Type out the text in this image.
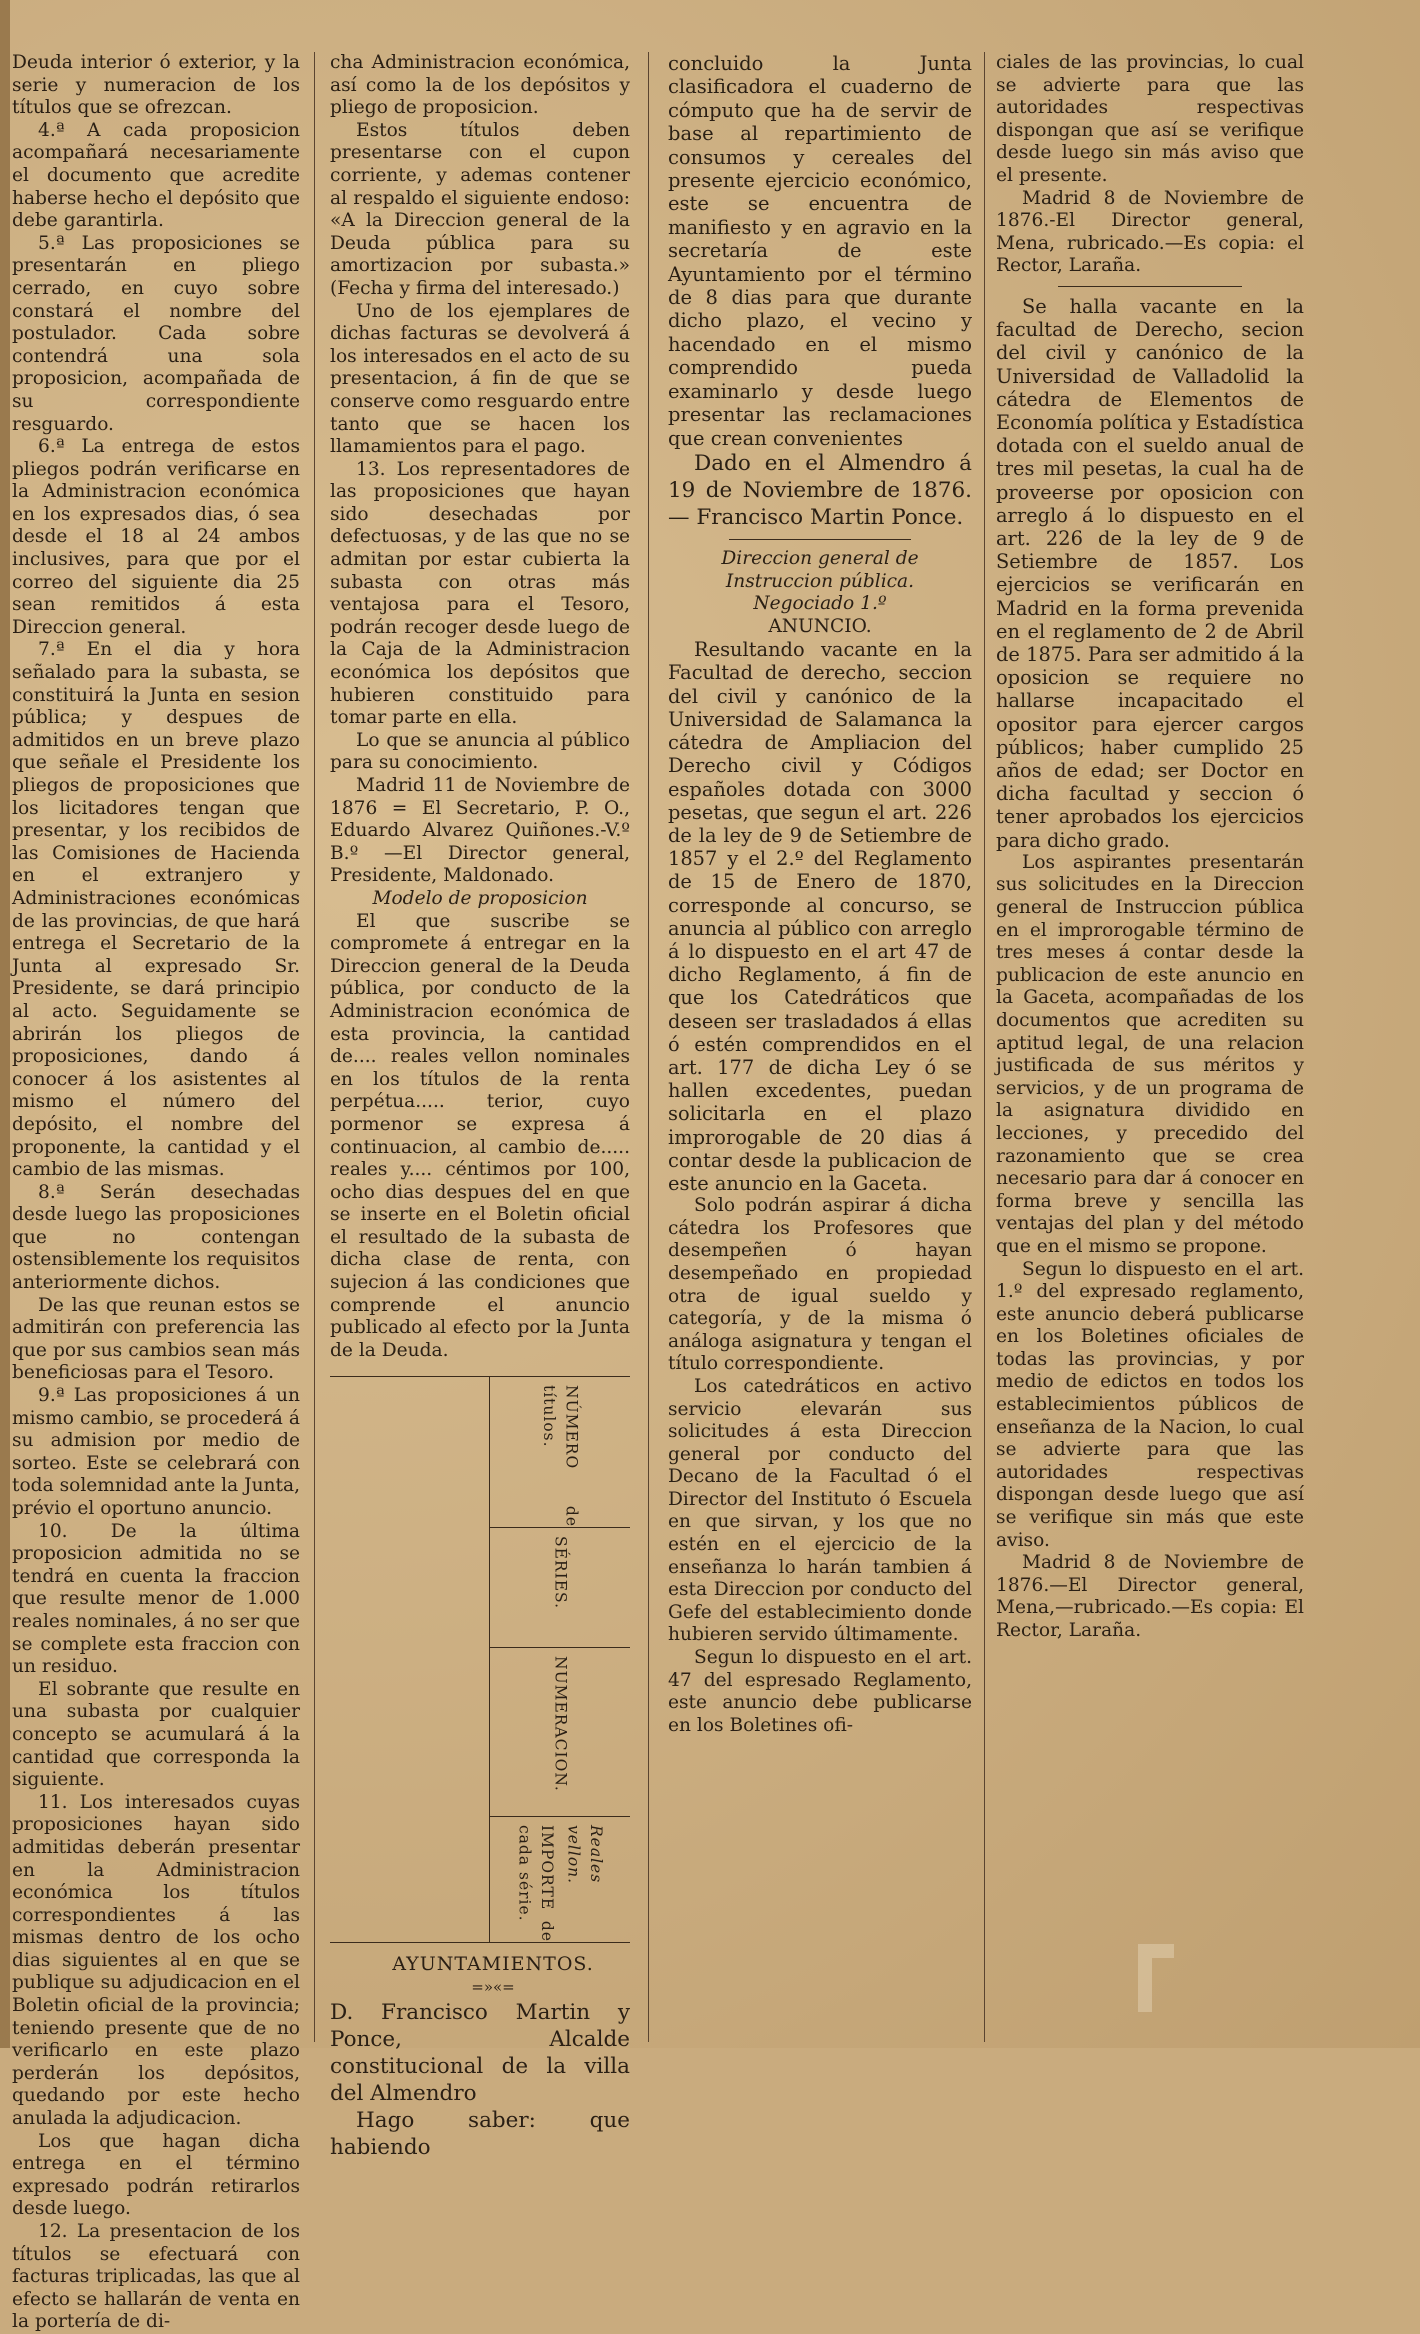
Deuda interior ó exterior, y la serie y numeracion de los títulos que se ofrezcan.

4.ª A cada proposicion acompañará necesariamente el documento que acredite haberse hecho el depósito que debe garantirla.

5.ª Las proposiciones se presentarán en pliego cerrado, en cuyo sobre constará el nombre del postulador. Cada sobre contendrá una sola proposicion, acompañada de su correspondiente resguardo.

6.ª La entrega de estos pliegos podrán verificarse en la Administracion económica en los expresados dias, ó sea desde el 18 al 24 ambos inclusives, para que por el correo del siguiente dia 25 sean remitidos á esta Direccion general.

7.ª En el dia y hora señalado para la subasta, se constituirá la Junta en sesion pública; y despues de admitidos en un breve plazo que señale el Presidente los pliegos de proposiciones que los licitadores tengan que presentar, y los recibidos de las Comisiones de Hacienda en el extranjero y Administraciones económicas de las provincias, de que hará entrega el Secretario de la Junta al expresado Sr. Presidente, se dará principio al acto. Seguidamente se abrirán los pliegos de proposiciones, dando á conocer á los asistentes al mismo el número del depósito, el nombre del proponente, la cantidad y el cambio de las mismas.

8.ª Serán desechadas desde luego las proposiciones que no contengan ostensiblemente los requisitos anteriormente dichos.

De las que reunan estos se admitirán con preferencia las que por sus cambios sean más beneficiosas para el Tesoro.

9.ª Las proposiciones á un mismo cambio, se procederá á su admision por medio de sorteo. Este se celebrará con toda solemnidad ante la Junta, prévio el oportuno anuncio.

10. De la última proposicion admitida no se tendrá en cuenta la fraccion que resulte menor de 1.000 reales nominales, á no ser que se complete esta fraccion con un residuo.

El sobrante que resulte en una subasta por cualquier concepto se acumulará á la cantidad que corresponda la siguiente.

11. Los interesados cuyas proposiciones hayan sido admitidas deberán presentar en la Administracion económica los títulos correspondientes á las mismas dentro de los ocho dias siguientes al en que se publique su adjudicacion en el Boletin oficial de la provincia; teniendo presente que de no verificarlo en este plazo perderán los depósitos, quedando por este hecho anulada la adjudicacion.

Los que hagan dicha entrega en el término expresado podrán retirarlos desde luego.

12. La presentacion de los títulos se efectuará con facturas triplicadas, las que al efecto se hallarán de venta en la portería de di-

cha Administracion económica, así como la de los depósitos y pliego de proposicion.

Estos títulos deben presentarse con el cupon corriente, y ademas contener al respaldo el siguiente endoso: «A la Direccion general de la Deuda pública para su amortizacion por subasta.» (Fecha y firma del interesado.)

Uno de los ejemplares de dichas facturas se devolverá á los interesados en el acto de su presentacion, á fin de que se conserve como resguardo entre tanto que se hacen los llamamientos para el pago.

13. Los representadores de las proposiciones que hayan sido desechadas por defectuosas, y de las que no se admitan por estar cubierta la subasta con otras más ventajosa para el Tesoro, podrán recoger desde luego de la Caja de la Administracion económica los depósitos que hubieren constituido para tomar parte en ella.

Lo que se anuncia al público para su conocimiento.

Madrid 11 de Noviembre de 1876 = El Secretario, P. O., Eduardo Alvarez Quiñones.-V.º B.º —El Director general, Presidente, Maldonado.

Modelo de proposicion

El que suscribe se compromete á entregar en la Direccion general de la Deuda pública, por conducto de la Administracion económica de esta provincia, la cantidad de.... reales vellon nominales en los títulos de la renta perpétua..... terior, cuyo pormenor se expresa á continuacion, al cambio de..... reales y.... céntimos por 100, ocho dias despues del en que se inserte en el Boletin oficial el resultado de la subasta de dicha clase de renta, con sujecion á las condiciones que comprende el anuncio publicado al efecto por la Junta de la Deuda.

NÚMERO de títulos.
SÉRIES.
NUMERACION.
IMPORTE de cada série.	Reales vellon.

AYUNTAMIENTOS.

=»«=

D. Francisco Martin y Ponce, Alcalde constitucional de la villa del Almendro

Hago saber: que habiendo

concluido la Junta clasificadora el cuaderno de cómputo que ha de servir de base al repartimiento de consumos y cereales del presente ejercicio económico, este se encuentra de manifiesto y en agravio en la secretaría de este Ayuntamiento por el término de 8 dias para que durante dicho plazo, el vecino y hacendado en el mismo comprendido pueda examinarlo y desde luego presentar las reclamaciones que crean convenientes

Dado en el Almendro á 19 de Noviembre de 1876.— Francisco Martin Ponce.

Direccion general de Instruccion pública.

Negociado 1.º

ANUNCIO.

Resultando vacante en la Facultad de derecho, seccion del civil y canónico de la Universidad de Salamanca la cátedra de Ampliacion del Derecho civil y Códigos españoles dotada con 3000 pesetas, que segun el art. 226 de la ley de 9 de Setiembre de 1857 y el 2.º del Reglamento de 15 de Enero de 1870, corresponde al concurso, se anuncia al público con arreglo á lo dispuesto en el art 47 de dicho Reglamento, á fin de que los Catedráticos que deseen ser trasladados á ellas ó estén comprendidos en el art. 177 de dicha Ley ó se hallen excedentes, puedan solicitarla en el plazo improrogable de 20 dias á contar desde la publicacion de este anuncio en la Gaceta.

Solo podrán aspirar á dicha cátedra los Profesores que desempeñen ó hayan desempeñado en propiedad otra de igual sueldo y categoría, y de la misma ó análoga asignatura y tengan el título correspondiente.

Los catedráticos en activo servicio elevarán sus solicitudes á esta Direccion general por conducto del Decano de la Facultad ó el Director del Instituto ó Escuela en que sirvan, y los que no estén en el ejercicio de la enseñanza lo harán tambien á esta Direccion por conducto del Gefe del establecimiento donde hubieren servido últimamente.

Segun lo dispuesto en el art. 47 del espresado Reglamento, este anuncio debe publicarse en los Boletines ofi-

ciales de las provincias, lo cual se advierte para que las autoridades respectivas dispongan que así se verifique desde luego sin más aviso que el presente.

Madrid 8 de Noviembre de 1876.-El Director general, Mena, rubricado.—Es copia: el Rector, Laraña.

Se halla vacante en la facultad de Derecho, secion del civil y canónico de la Universidad de Valladolid la cátedra de Elementos de Economía política y Estadística dotada con el sueldo anual de tres mil pesetas, la cual ha de proveerse por oposicion con arreglo á lo dispuesto en el art. 226 de la ley de 9 de Setiembre de 1857. Los ejercicios se verificarán en Madrid en la forma prevenida en el reglamento de 2 de Abril de 1875. Para ser admitido á la oposicion se requiere no hallarse incapacitado el opositor para ejercer cargos públicos; haber cumplido 25 años de edad; ser Doctor en dicha facultad y seccion ó tener aprobados los ejercicios para dicho grado.

Los aspirantes presentarán sus solicitudes en la Direccion general de Instruccion pública en el improrogable término de tres meses á contar desde la publicacion de este anuncio en la Gaceta, acompañadas de los documentos que acrediten su aptitud legal, de una relacion justificada de sus méritos y servicios, y de un programa de la asignatura dividido en lecciones, y precedido del razonamiento que se crea necesario para dar á conocer en forma breve y sencilla las ventajas del plan y del método que en el mismo se propone.

Segun lo dispuesto en el art. 1.º del expresado reglamento, este anuncio deberá publicarse en los Boletines oficiales de todas las provincias, y por medio de edictos en todos los establecimientos públicos de enseñanza de la Nacion, lo cual se advierte para que las autoridades respectivas dispongan desde luego que así se verifique sin más que este aviso.

Madrid 8 de Noviembre de 1876.—El Director general, Mena,—rubricado.—Es copia: El Rector, Laraña.
